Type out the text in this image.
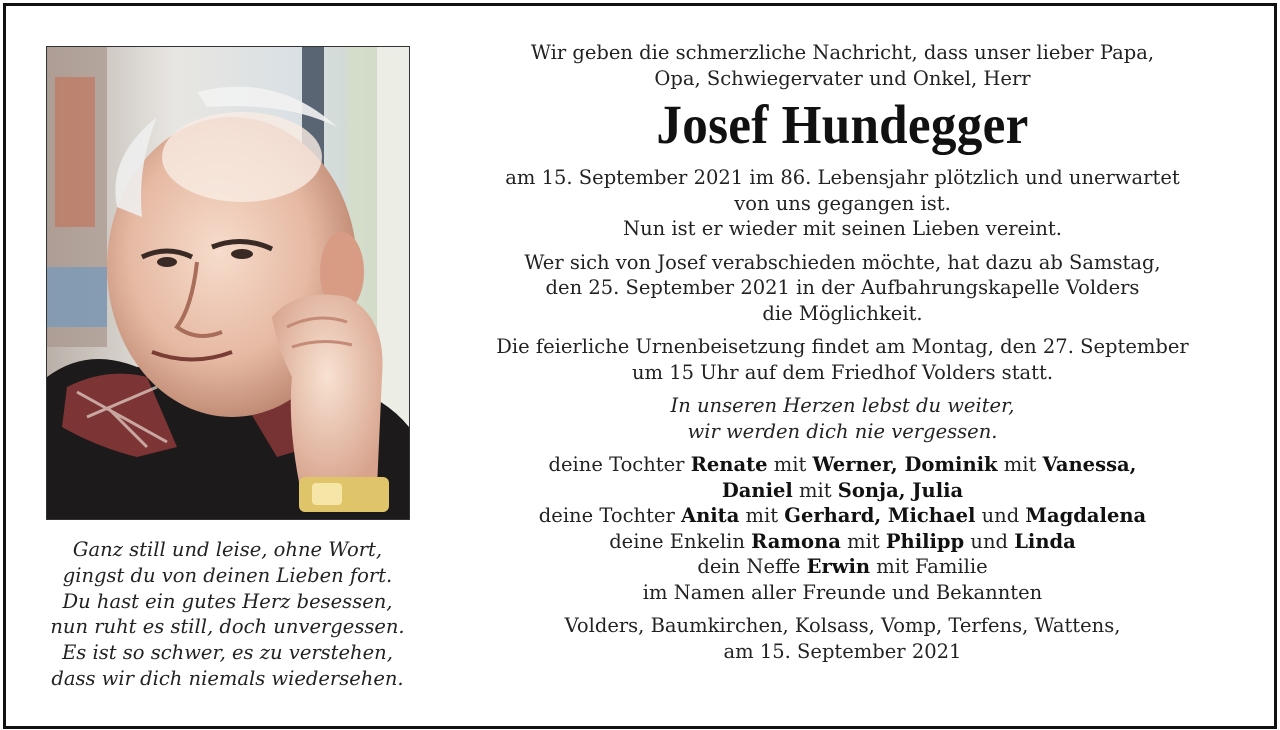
Ganz still und leise, ohne Wort,
gingst du von deinen Lieben fort.
Du hast ein gutes Herz besessen,
nun ruht es still, doch unvergessen.
Es ist so schwer, es zu verstehen,
dass wir dich niemals wiedersehen.
Wir geben die schmerzliche Nachricht, dass unser lieber Papa,
Opa, Schwiegervater und Onkel, Herr
Josef Hundegger
am 15. September 2021 im 86. Lebensjahr plötzlich und unerwartet
von uns gegangen ist.
Nun ist er wieder mit seinen Lieben vereint.
Wer sich von Josef verabschieden möchte, hat dazu ab Samstag,
den 25. September 2021 in der Aufbahrungskapelle Volders
die Möglichkeit.
Die feierliche Urnenbeisetzung findet am Montag, den 27. September
um 15 Uhr auf dem Friedhof Volders statt.
In unseren Herzen lebst du weiter,
wir werden dich nie vergessen.
deine Tochter Renate mit Werner, Dominik mit Vanessa,
Daniel mit Sonja, Julia
deine Tochter Anita mit Gerhard, Michael und Magdalena
deine Enkelin Ramona mit Philipp und Linda
dein Neffe Erwin mit Familie
im Namen aller Freunde und Bekannten
Volders, Baumkirchen, Kolsass, Vomp, Terfens, Wattens,
am 15. September 2021
